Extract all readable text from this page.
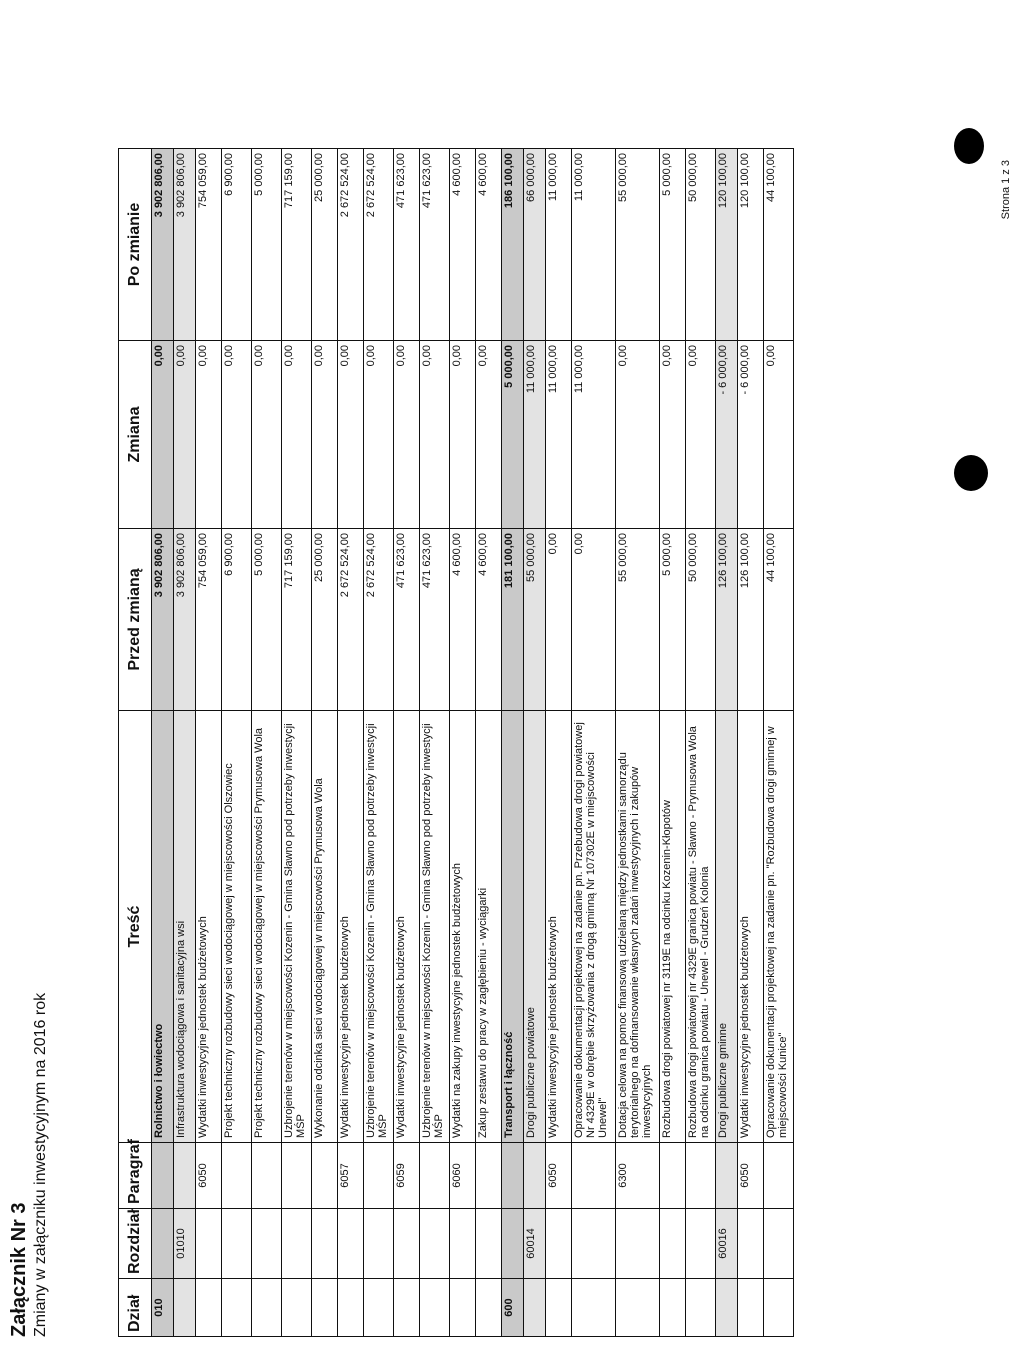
Załącznik Nr 3 Zmiany w załączniku inwestycyjnym na 2016 rok	Dział	Rozdział	Paragraf	Treść	Przed zmianą	Zmiana	Po zmianie
010			Rolnictwo i łowiectwo	3 902 806,00	0,00	3 902 806,00
	01010		Infrastruktura wodociągowa i sanitacyjna wsi	3 902 806,00	0,00	3 902 806,00
		6050	Wydatki inwestycyjne jednostek budżetowych	754 059,00	0,00	754 059,00
			Projekt techniczny rozbudowy sieci wodociągowej w miejscowości Olszowiec	6 900,00	0,00	6 900,00
			Projekt techniczny rozbudowy sieci wodociągowej w miejscowości Prymusowa Wola	5 000,00	0,00	5 000,00
			Uzbrojenie terenów w miejscowości Kozenin - Gmina Sławno pod potrzeby inwestycji MŚP	717 159,00	0,00	717 159,00
			Wykonanie odcinka sieci wodociągowej w miejscowości Prymusowa Wola	25 000,00	0,00	25 000,00
		6057	Wydatki inwestycyjne jednostek budżetowych	2 672 524,00	0,00	2 672 524,00
			Uzbrojenie terenów w miejscowości Kozenin - Gmina Sławno pod potrzeby inwestycji MŚP	2 672 524,00	0,00	2 672 524,00
		6059	Wydatki inwestycyjne jednostek budżetowych	471 623,00	0,00	471 623,00
			Uzbrojenie terenów w miejscowości Kozenin - Gmina Sławno pod potrzeby inwestycji MŚP	471 623,00	0,00	471 623,00
		6060	Wydatki na zakupy inwestycyjne jednostek budżetowych	4 600,00	0,00	4 600,00
			Zakup zestawu do pracy w zagłębieniu - wyciągarki	4 600,00	0,00	4 600,00
600			Transport i łączność	181 100,00	5 000,00	186 100,00
	60014		Drogi publiczne powiatowe	55 000,00	11 000,00	66 000,00
		6050	Wydatki inwestycyjne jednostek budżetowych	0,00	11 000,00	11 000,00
			Opracowanie dokumentacji projektowej na zadanie pn. Przebudowa drogi powiatowej Nr 4329E w obrębie skrzyżowania z drogą gminną Nr 107302E w miejscowości Unewel"	0,00	11 000,00	11 000,00
		6300	Dotacja celowa na pomoc finansową udzielaną między jednostkami samorządu terytorialnego na dofinansowanie własnych zadań inwestycyjnych i zakupów inwestycyjnych	55 000,00	0,00	55 000,00
			Rozbudowa drogi powiatowej nr 3119E na odcinku Kozenin-Kłopotów	5 000,00	0,00	5 000,00
			Rozbudowa drogi powiatowej nr 4329E granica powiatu - Sławno - Prymusowa Wola na odcinku granica powiatu - Unewel - Grudzeń Kolonia	50 000,00	0,00	50 000,00
	60016		Drogi publiczne gminne	126 100,00	- 6 000,00	120 100,00
		6050	Wydatki inwestycyjne jednostek budżetowych	126 100,00	- 6 000,00	120 100,00
			Opracowanie dokumentacji projektowej na zadanie pn. "Rozbudowa drogi gminnej w miejscowości Kunice"	44 100,00	0,00	44 100,00	Strona 1 z 3
